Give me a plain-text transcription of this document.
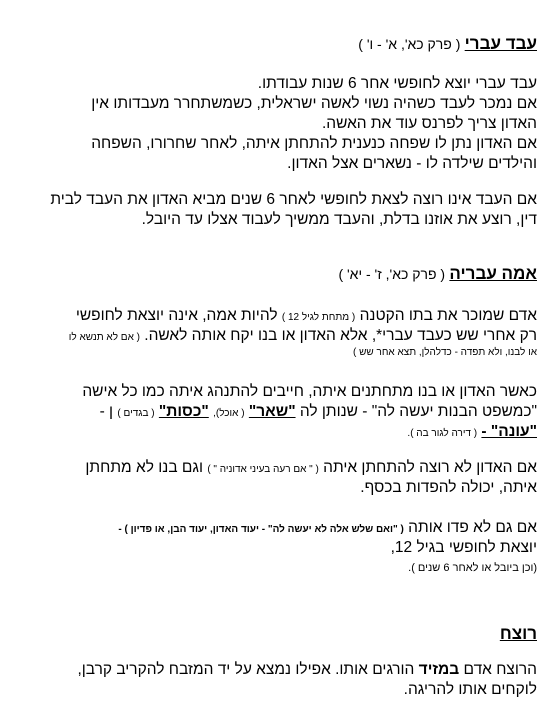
עבד עברי ( פרק כא', א' - ו' )
עבד עברי יוצא לחופשי אחר 6 שנות עבודתו.
אם נמכר לעבד כשהיה נשוי לאשה ישראלית, כשמשתחרר מעבדותו אין
האדון צריך לפרנס עוד את האשה.
אם האדון נתן לו שפחה כנענית להתחתן איתה, לאחר שחרורו, השפחה
והילדים שילדה לו - נשארים אצל האדון.
אם העבד אינו רוצה לצאת לחופשי לאחר 6 שנים מביא האדון את העבד לבית
דין, רוצע את אוזנו בדלת, והעבד ממשיך לעבוד אצלו עד היובל.
אמה עבריה ( פרק כא', ז' - יא' )
אדם שמוכר את בתו הקטנה ( מתחת לגיל 12 ) להיות אמה, אינה יוצאת לחופשי
רק אחרי שש כעבד עברי*, אלא האדון או בנו יקח אותה לאשה. ( אם לא תנשא לו
או לבנו, ולא תפדה - כדלהלן, תצא אחר שש )
כאשר האדון או בנו מתחתנים איתה, חייבים להתנהג איתה כמו כל אישה
"כמשפט הבנות יעשה לה" - שנותן לה "שאר" ( אוכל), "כסות" ( בגדים ) ן -
"עונה" - ( דירה לגור בה ).
אם האדון לא רוצה להתחתן איתה ( " אם רעה בעיני אדוניה " ) וגם בנו לא מתחתן
איתה, יכולה להפדות בכסף.
אם גם לא פדו אותה ( "ואם שלש אלה לא יעשה לה" - יעוד האדון, יעוד הבן, או פדיון ) -
יוצאת לחופשי בגיל 12,
(וכן ביובל או לאחר 6 שנים ).
רוצח
הרוצח אדם במזיד הורגים אותו. אפילו נמצא על יד המזבח להקריב קרבן,
לוקחים אותו להריגה.
